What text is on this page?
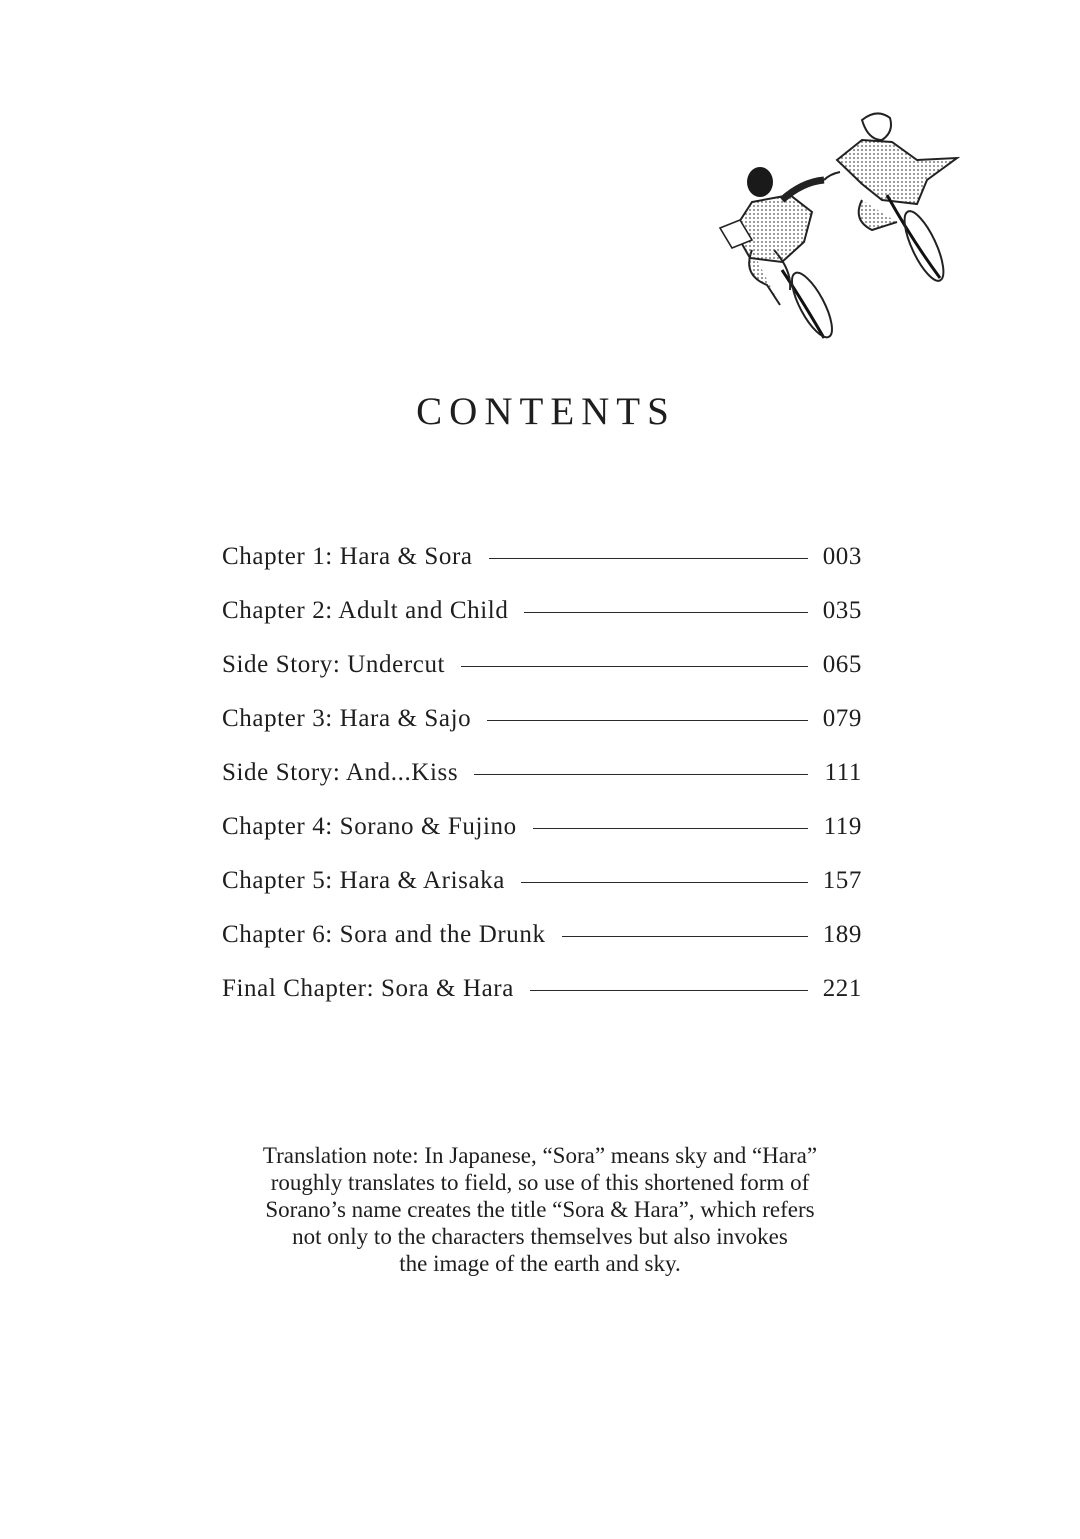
CONTENTS
Chapter 1: Hara & Sora	003
Chapter 2: Adult and Child	035
Side Story: Undercut	065
Chapter 3: Hara & Sajo	079
Side Story: And...Kiss	111
Chapter 4: Sorano & Fujino	119
Chapter 5: Hara & Arisaka	157
Chapter 6: Sora and the Drunk	189
Final Chapter: Sora & Hara	221
Translation note: In Japanese, “Sora” means sky and “Hara”
roughly translates to field, so use of this shortened form of
Sorano’s name creates the title “Sora & Hara”, which refers
not only to the characters themselves but also invokes
the image of the earth and sky.
